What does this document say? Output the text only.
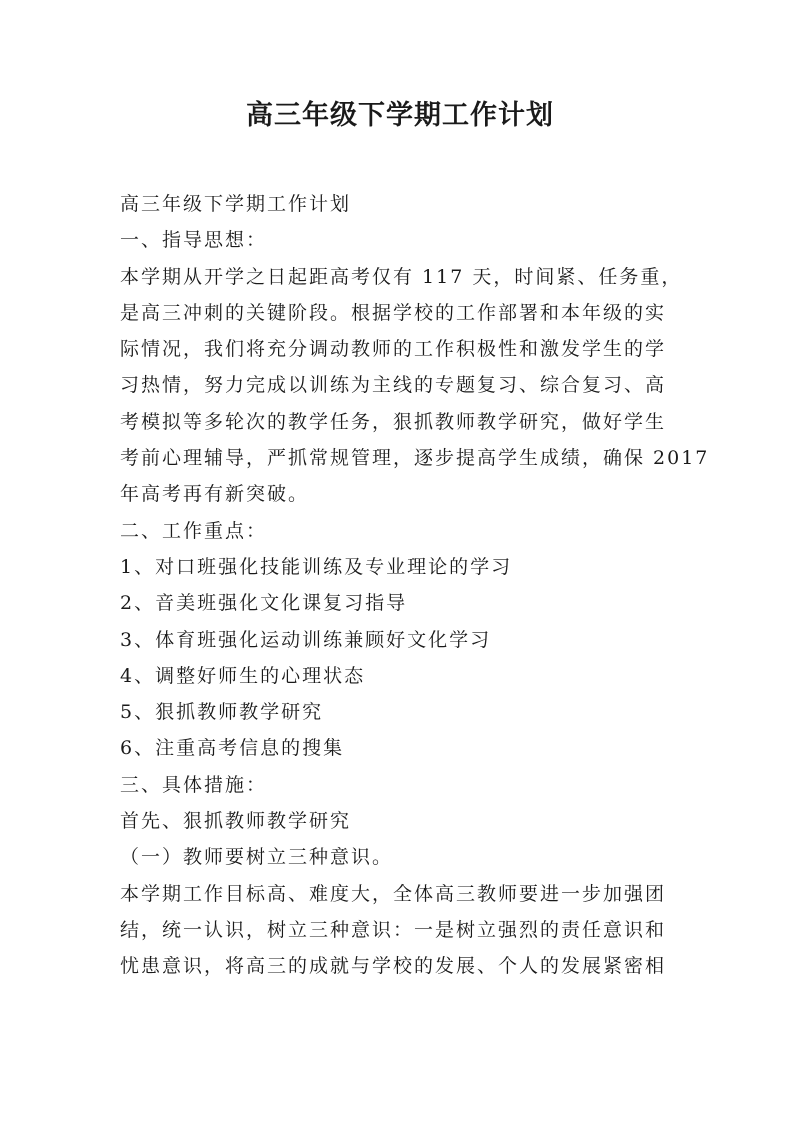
高三年级下学期工作计划
高三年级下学期工作计划
一、指导思想：
本学期从开学之日起距高考仅有 117 天，时间紧、任务重，
是高三冲刺的关键阶段。根据学校的工作部署和本年级的实
际情况，我们将充分调动教师的工作积极性和激发学生的学
习热情，努力完成以训练为主线的专题复习、综合复习、高
考模拟等多轮次的教学任务，狠抓教师教学研究，做好学生
考前心理辅导，严抓常规管理，逐步提高学生成绩，确保 2017
年高考再有新突破。
二、工作重点：
1、对口班强化技能训练及专业理论的学习
2、音美班强化文化课复习指导
3、体育班强化运动训练兼顾好文化学习
4、调整好师生的心理状态
5、狠抓教师教学研究
6、注重高考信息的搜集
三、具体措施：
首先、狠抓教师教学研究
（一）教师要树立三种意识。
本学期工作目标高、难度大，全体高三教师要进一步加强团
结，统一认识，树立三种意识：一是树立强烈的责任意识和
忧患意识，将高三的成就与学校的发展、个人的发展紧密相
